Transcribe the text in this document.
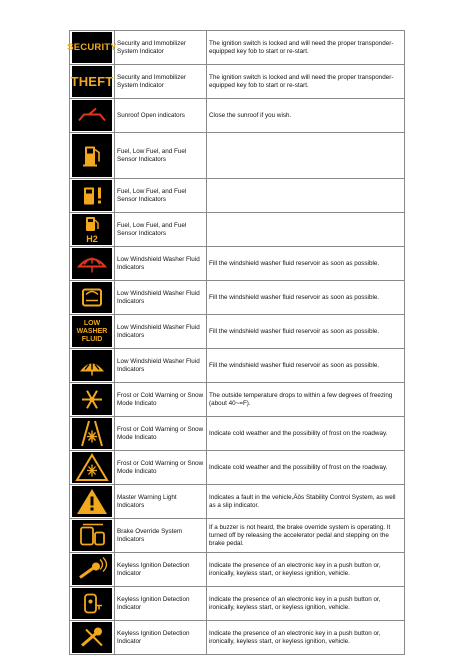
SECURITY	Security and Immobilizer System Indicator	The ignition switch is locked and will need the proper transponder-equipped key fob to start or re-start.

THEFT	Security and Immobilizer System Indicator	The ignition switch is locked and will need the proper transponder-equipped key fob to start or re-start.

	Sunroof Open indicators	Close the sunroof if you wish.

	Fuel, Low Fuel, and Fuel Sensor Indicators	

	Fuel, Low Fuel, and Fuel Sensor Indicators	

H2	Fuel, Low Fuel, and Fuel Sensor Indicators	

	Low Windshield Washer Fluid Indicators	Fill the windshield washer fluid reservoir as soon as possible.

	Low Windshield Washer Fluid Indicators	Fill the windshield washer fluid reservoir as soon as possible.

LOW
WASHER
FLUID	Low Windshield Washer Fluid Indicators	Fill the windshield washer fluid reservoir as soon as possible.

	Low Windshield Washer Fluid Indicators	Fill the windshield washer fluid reservoir as soon as possible.

	Frost or Cold Warning or Snow Mode Indicato	The outside temperature drops to within a few degrees of freezing (about 40~=F).

	Frost or Cold Warning or Snow Mode Indicato	Indicate cold weather and the possibility of frost on the roadway.

	Frost or Cold Warning or Snow Mode Indicato	Indicate cold weather and the possibility of frost on the roadway.

	Master Warning Light Indicators	Indicates a fault in the vehicle,Äôs Stability Control System, as well as a slip indicator.

	Brake Override System Indicators	If a buzzer is not heard, the brake override system is operating. It turned off by releasing the accelerator pedal and stepping on the brake pedal.

	Keyless Ignition Detection Indicator	Indicate the presence of an electronic key in a push button or, ironically, keyless start, or keyless ignition, vehicle.

	Keyless Ignition Detection Indicator	Indicate the presence of an electronic key in a push button or, ironically, keyless start, or keyless ignition, vehicle.

	Keyless Ignition Detection Indicator	Indicate the presence of an electronic key in a push button or, ironically, keyless start, or keyless ignition, vehicle.
